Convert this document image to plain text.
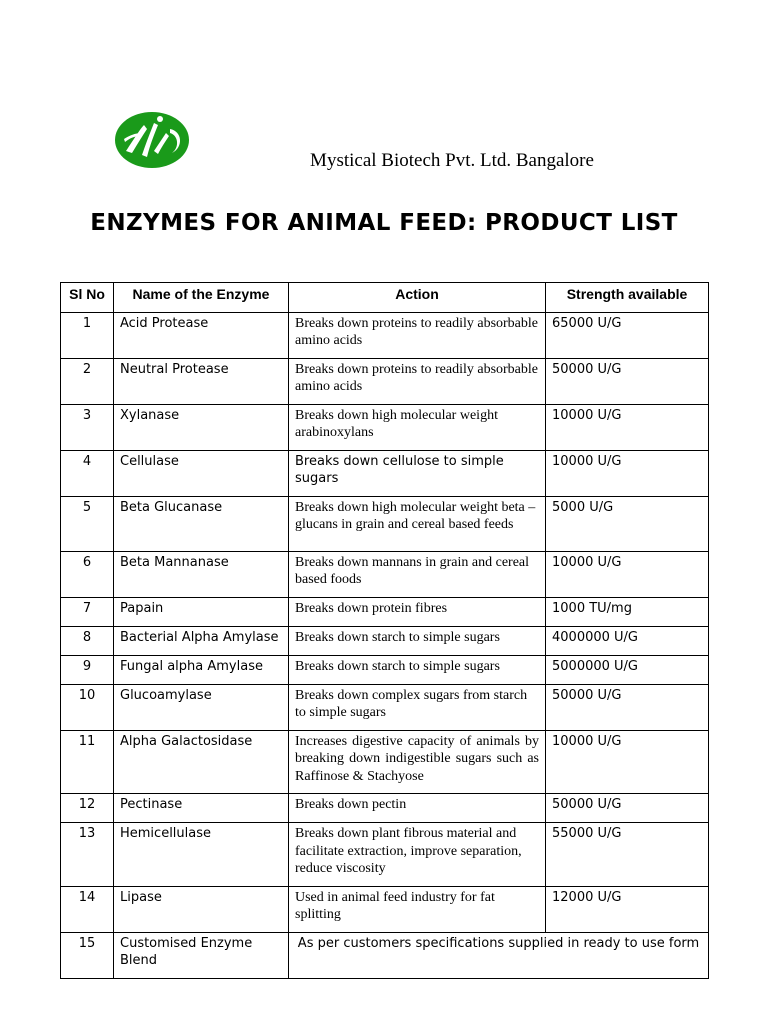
Mystical Biotech Pvt. Ltd. Bangalore
ENZYMES FOR ANIMAL FEED: PRODUCT LIST
Sl No	Name of the Enzyme	Action	Strength available
1	Acid Protease	Breaks down proteins to readily absorbable amino acids	65000 U/G
2	Neutral Protease	Breaks down proteins to readily absorbable amino acids	50000 U/G
3	Xylanase	Breaks down high molecular weight arabinoxylans	10000 U/G
4	Cellulase	Breaks down cellulose to simple sugars	10000 U/G
5	Beta Glucanase	Breaks down high molecular weight beta – glucans in grain and cereal based feeds	5000 U/G
6	Beta Mannanase	Breaks down mannans in grain and cereal based foods	10000 U/G
7	Papain	Breaks down protein fibres	1000 TU/mg
8	Bacterial Alpha Amylase	Breaks down starch to simple sugars	4000000 U/G
9	Fungal alpha Amylase	Breaks down starch to simple sugars	5000000 U/G
10	Glucoamylase	Breaks down complex sugars from starch to simple sugars	50000 U/G
11	Alpha Galactosidase	Increases digestive capacity of animals by breaking down indigestible sugars such as Raffinose & Stachyose	10000 U/G
12	Pectinase	Breaks down pectin	50000 U/G
13	Hemicellulase	Breaks down plant fibrous material and facilitate extraction, improve separation, reduce viscosity	55000 U/G
14	Lipase	Used in animal feed industry for fat splitting	12000 U/G
15	Customised Enzyme Blend	As per customers specifications supplied in ready to use form	
